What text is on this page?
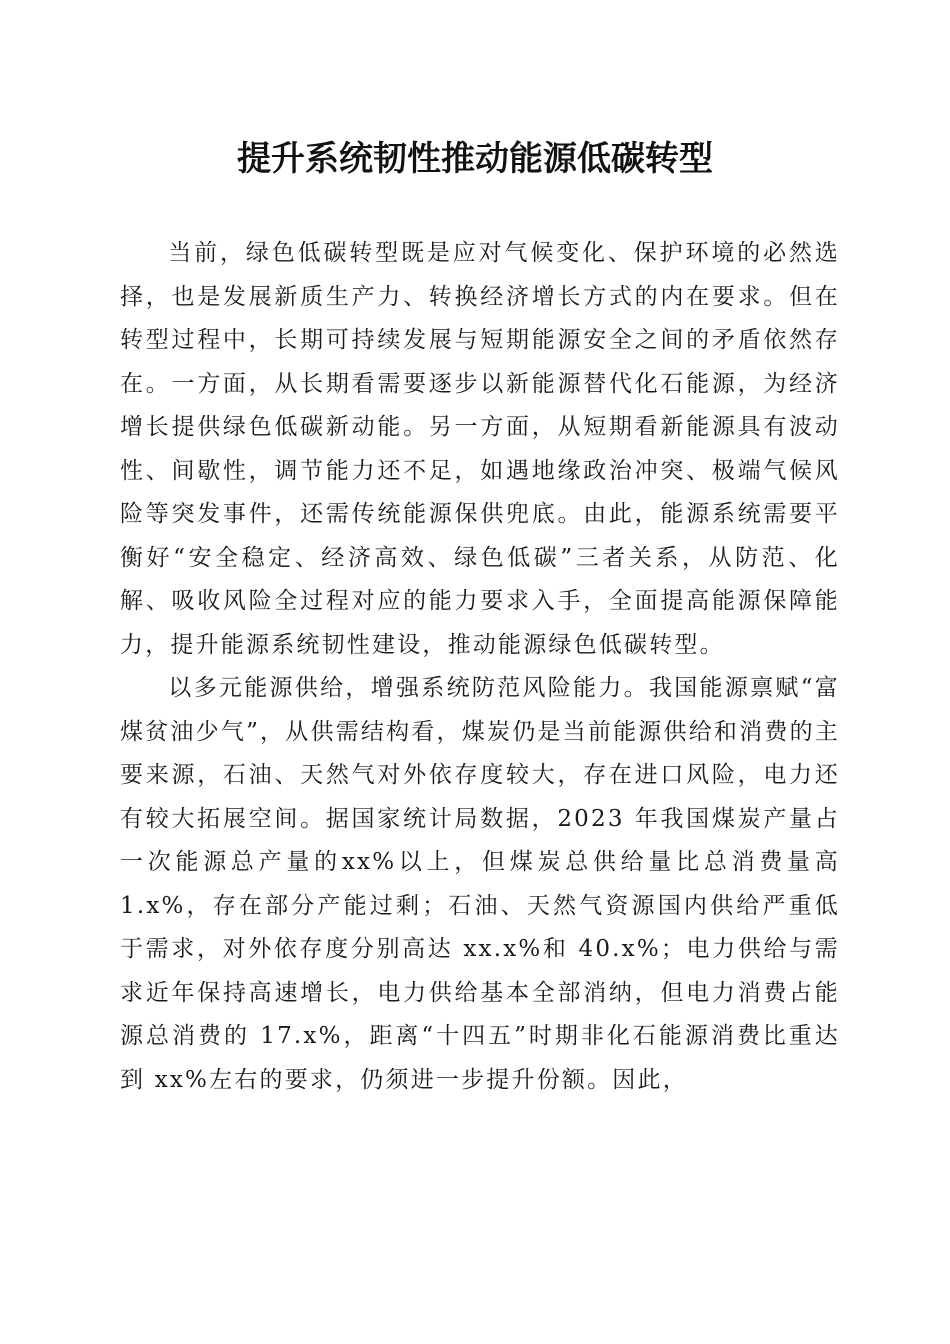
提升系统韧性推动能源低碳转型

当前，绿色低碳转型既是应对气候变化、保护环境的必然选择，也是发展新质生产力、转换经济增长方式的内在要求。但在转型过程中，长期可持续发展与短期能源安全之间的矛盾依然存在。一方面，从长期看需要逐步以新能源替代化石能源，为经济增长提供绿色低碳新动能。另一方面，从短期看新能源具有波动性、间歇性，调节能力还不足，如遇地缘政治冲突、极端气候风险等突发事件，还需传统能源保供兜底。由此，能源系统需要平衡好“安全稳定、经济高效、绿色低碳”三者关系，从防范、化解、吸收风险全过程对应的能力要求入手，全面提高能源保障能力，提升能源系统韧性建设，推动能源绿色低碳转型。

以多元能源供给，增强系统防范风险能力。我国能源禀赋“富煤贫油少气”，从供需结构看，煤炭仍是当前能源供给和消费的主要来源，石油、天然气对外依存度较大，存在进口风险，电力还有较大拓展空间。据国家统计局数据，2023 年我国煤炭产量占一次能源总产量的xx%以上，但煤炭总供给量比总消费量高 1.x%，存在部分产能过剩；石油、天然气资源国内供给严重低于需求，对外依存度分别高达 xx.x%和 40.x%；电力供给与需求近年保持高速增长，电力供给基本全部消纳，但电力消费占能源总消费的 17.x%，距离“十四五”时期非化石能源消费比重达到 xx%左右的要求，仍须进一步提升份额。因此，
